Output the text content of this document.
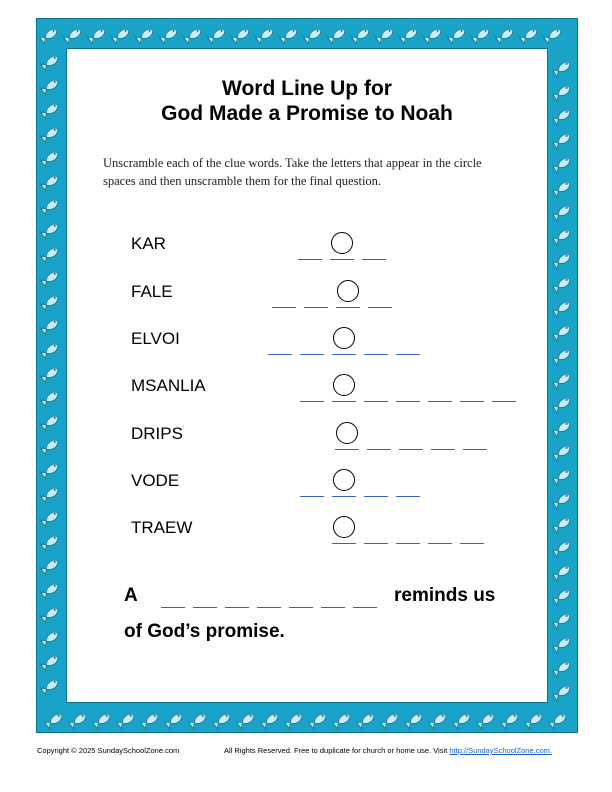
Word Line Up for
God Made a Promise to Noah
Unscramble each of the clue words. Take the letters that appear in the circle spaces and then unscramble them for the final question.
KAR
FALE
ELVOI
MSANLIA
DRIPS
VODE
TRAEW
A	reminds us
of God’s promise.
Copyright © 2025 SundaySchoolZone.com	All Rights Reserved. Free to duplicate for church or home use. Visit http://SundaySchoolZone.com.
